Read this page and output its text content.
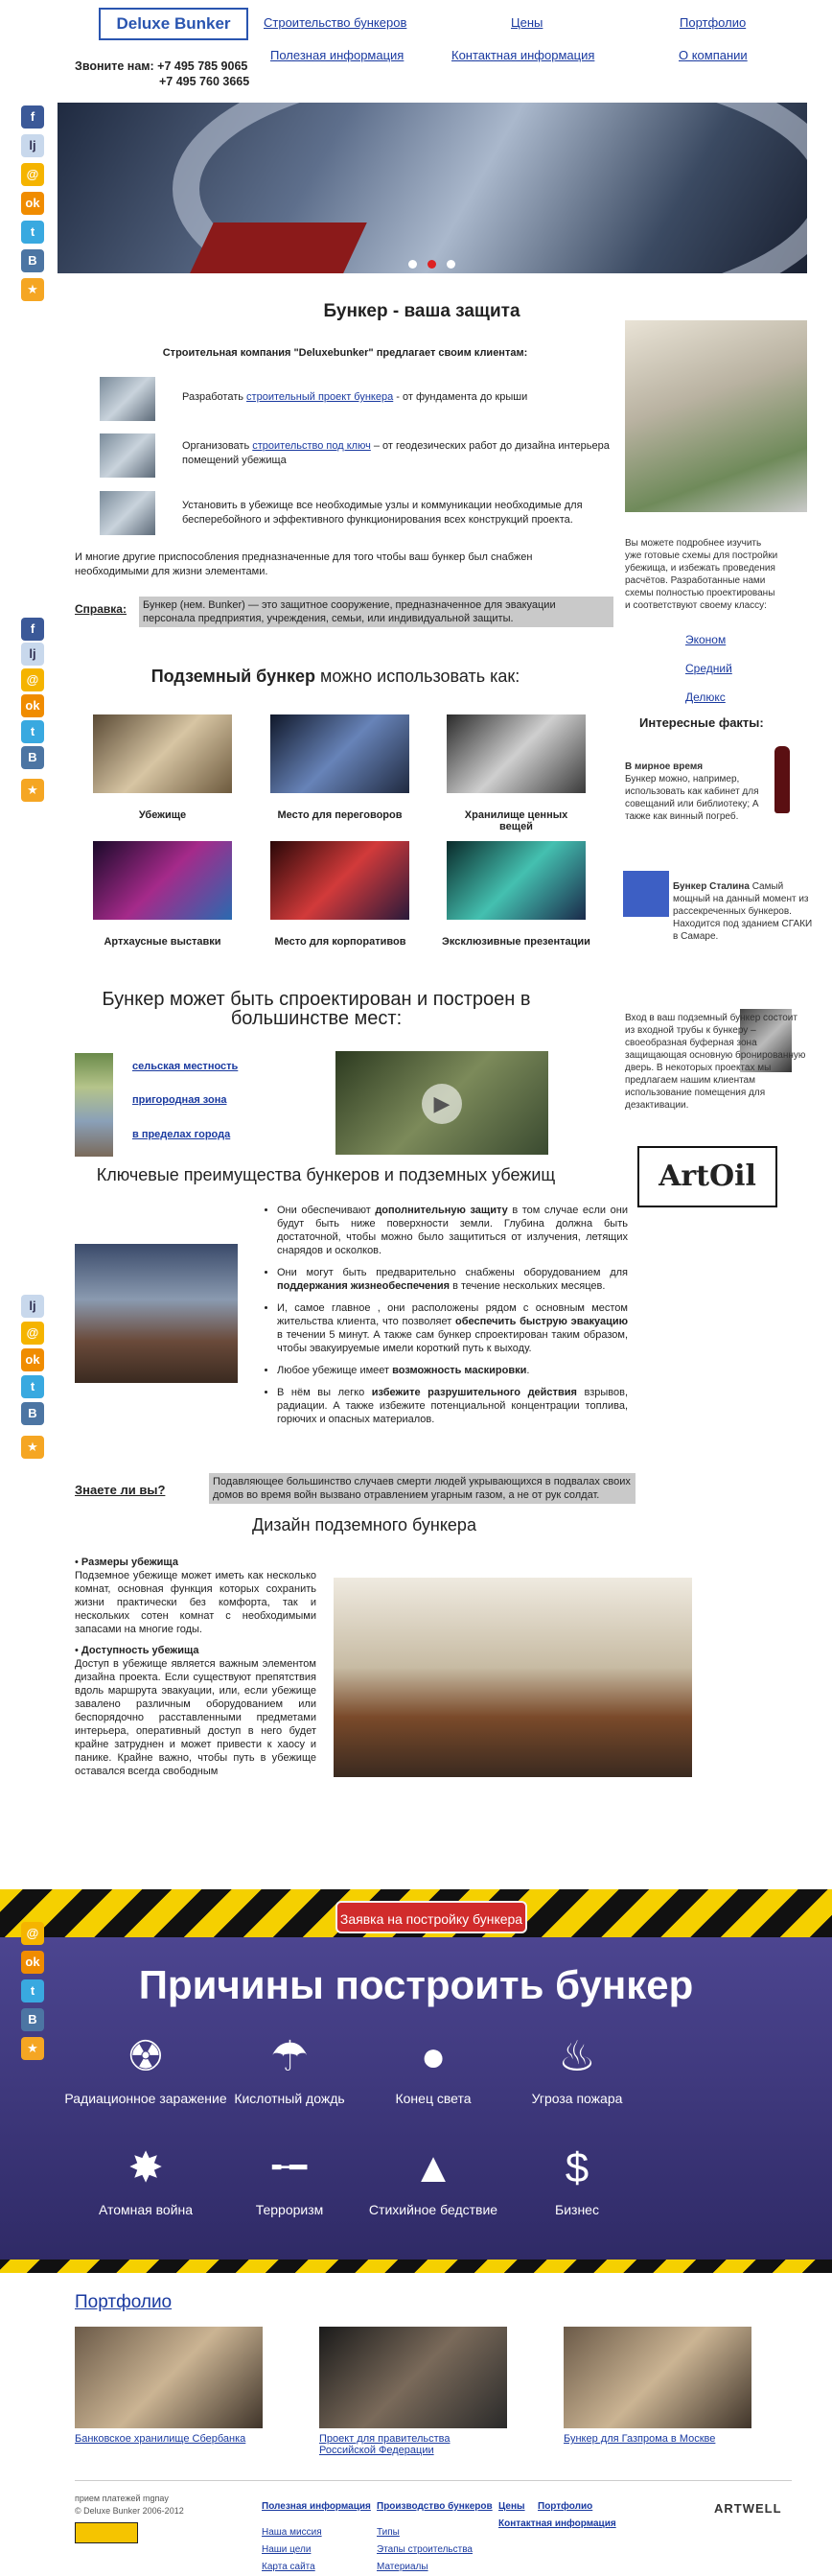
Deluxe Bunker
Звоните нам: +7 495 785 9065
+7 495 760 3665
Строительство бункеров	Цены	Портфолио
Полезная информация	Контактная информация	О компании
f
lj
@
ok
t
B
★
Бункер - ваша защита
Строительная компания "Deluxebunker" предлагает своим клиентам:
Разработать строительный проект бункера - от фундамента до крыши
Организовать строительство под ключ – от геодезических работ до дизайна интерьера помещений убежища
Установить в убежище все необходимые узлы и коммуникации необходимые для бесперебойного и эффективного функционирования всех конструкций проекта.
И многие другие приспособления предназначенные для того чтобы ваш бункер был снабжен необходимыми для жизни элементами.
Справка:	Бункер (нем. Bunker) — это защитное сооружение, предназначенное для эвакуации персонала предприятия, учреждения, семьи, или индивидуальной защиты.
Вы можете подробнее изучить уже готовые схемы для постройки убежища, и избежать проведения расчётов. Разработанные нами схемы полностью проектированы и соответствуют своему классу:
Эконом
Средний
Делюкс
Интересные факты:
В мирное время
Бункер можно, например, использовать как кабинет для совещаний или библиотеку; А также как винный погреб.
Бункер Сталина Самый мощный на данный момент из рассекреченных бункеров. Находится под зданием СГАКИ в Самаре.
Вход в ваш подземный бункер состоит из входной трубы к бункеру – своеобразная буферная зона защищающая основную бронированную дверь. В некоторых проектах мы предлагаем нашим клиентам использование помещения для дезактивации.
ArtOil
f
lj
@
ok
t
B
★
Подземный бункер можно использовать как:
Убежище	Место для переговоров	Хранилище ценных вещей
Артхаусные выставки	Место для корпоративов	Эксклюзивные презентации
Бункер может быть спроектирован и построен в большинстве мест:
сельская местность
пригородная зона
в пределах города
▶
Ключевые преимущества бункеров и подземных убежищ
• Они обеспечивают дополнительную защиту в том случае если они будут быть ниже поверхности земли. Глубина должна быть достаточной, чтобы можно было защититься от излучения, летящих снарядов и осколков.
• Они могут быть предварительно снабжены оборудованием для поддержания жизнеобеспечения в течение нескольких месяцев.
• И, самое главное , они расположены рядом с основным местом жительства клиента, что позволяет обеспечить быструю эвакуацию в течении 5 минут. А также сам бункер спроектирован таким образом, чтобы эвакуируемые имели короткий путь к выходу.
• Любое убежище имеет возможность маскировки.
• В нём вы легко избежите разрушительного действия взрывов, радиации. А также избежите потенциальной концентрации топлива, горючих и опасных материалов.
lj
@
ok
t
B
★
Знаете ли вы?
Подавляющее большинство случаев смерти людей укрывающихся в подвалах своих домов во время войн вызвано отравлением угарным газом, а не от рук солдат.
Дизайн подземного бункера
• Размеры убежища
Подземное убежище может иметь как несколько комнат, основная функция которых сохранить жизни практически без комфорта, так и нескольких сотен комнат с необходимыми запасами на многие годы.
• Доступность убежища
Доступ в убежище является важным элементом дизайна проекта. Если существуют препятствия вдоль маршрута эвакуации, или, если убежище завалено различным оборудованием или беспорядочно расставленными предметами интерьера, оперативный доступ в него будет крайне затруднен и может привести к хаосу и панике. Крайне важно, чтобы путь в убежище оставался всегда свободным
Заявка на постройку бункера
Причины построить бункер
@
ok
t
B
★ ☢
Радиационное заражение
☂
Кислотный дождь
●
Конец света
♨
Угроза пожара
✸
Атомная война
╾━
Терроризм
▲
Стихийное бедствие
$
Бизнес
Портфолио
Банковское хранилище Сбербанка	Проект для правительства Российской Федерации
Бункер для Газпрома в Москве
прием платежей mgпay
© Deluxe Bunker 2006-2012	Полезная информация
Наша миссия
Наши цели
Карта сайта
Производство бункеров
Типы
Этапы строительства
Материалы
Цены Портфолио
Контактная информация
ARTWELL
